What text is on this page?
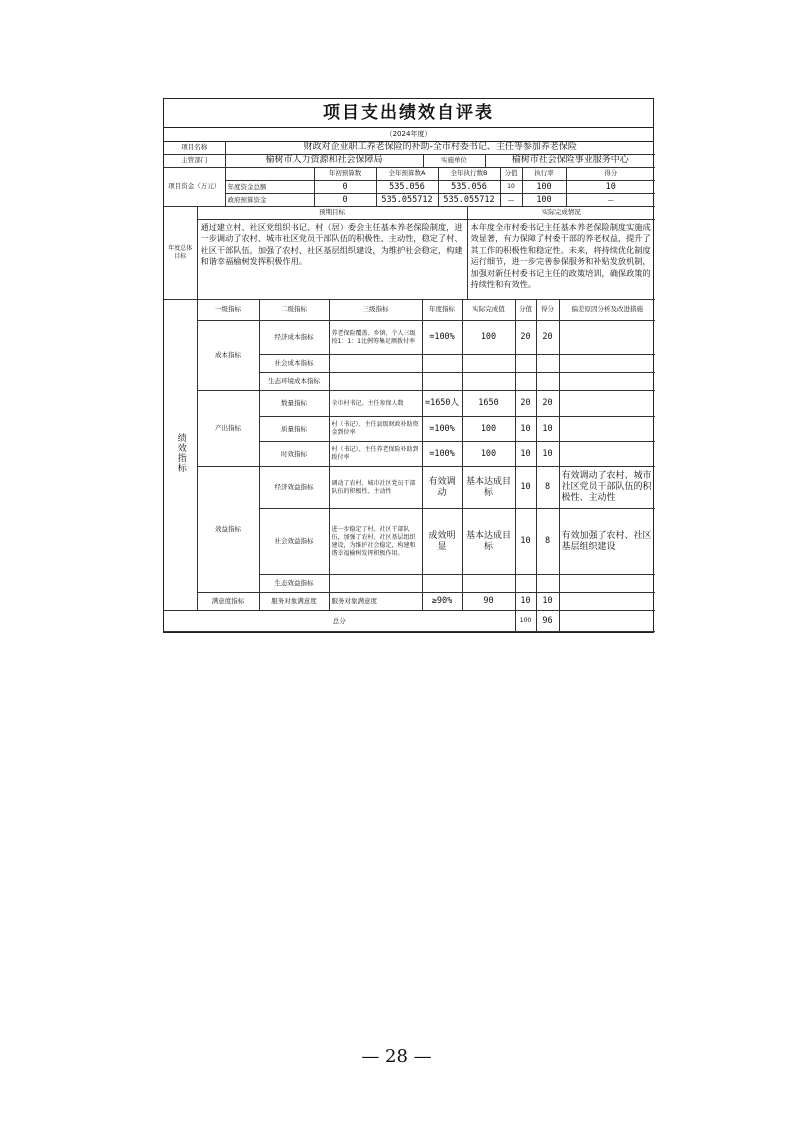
项目支出绩效自评表
（2024年度）
项目名称	财政对企业职工养老保险的补助-全市村委书记、主任等参加养老保险		
主管部门	榆树市人力资源和社会保障局	实施单位	榆树市社会保险事业服务中心
项目资金（万元）		年初预算数	全年预算数A	全年执行数B	分值	执行率	得分
	年度资金总额	0	535.056	535.056	10	100	10
	政府预算资金	0	535.055712	535.055712	—	100	—
年度总体目标	预期目标	实际完成情况
	通过建立村、社区党组织书记、村（居）委会主任基本养老保险制度，进一步调动了农村、城市社区党员干部队伍的积极性、主动性，稳定了村、社区干部队伍，加强了农村、社区基层组织建设，为维护社会稳定，构建和谐幸福榆树发挥积极作用。	本年度全市村委书记主任基本养老保险制度实施成效显著，有力保障了村委干部的养老权益，提升了其工作的积极性和稳定性。未来，将持续优化制度运行细节，进一步完善参保服务和补贴发放机制，加强对新任村委书记主任的政策培训，确保政策的持续性和有效性。
绩效指标	一级指标	二级指标	三级指标	年度指标	实际完成值	分值	得分	偏差原因分析及改进措施
	成本指标	经济成本指标	养老保险覆盖、乡镇、个人三级按1：1：1比例筹集足额拨付率	=100%	100	20	20	
		社会成本指标						
		生态环境成本指标						
	产出指标	数量指标	全市村书记、主任参保人数	=1650人	1650	20	20	
		质量指标	村（书记）、主任县级财政补助资金到位率	=100%	100	10	10	
		时效指标	村（书记）、主任养老保险补助到拨付率	=100%	100	10	10	
	效益指标	经济效益指标	调动了农村、城市社区党员干部队伍的积极性、主动性	有效调动	基本达成目标	10	8	有效调动了农村、城市社区党员干部队伍的积极性、主动性
		社会效益指标	进一步稳定了村、社区干部队伍，加强了农村、社区基层组织建设，为维护社会稳定，构建和谐幸福榆树发挥积极作用。	成效明显	基本达成目标	10	8	有效加强了农村、社区基层组织建设
		生态效益指标						
	满意度指标	服务对象满意度	服务对象满意度	≥90%	90	10	10	
总分						100	96	
— 28 —
